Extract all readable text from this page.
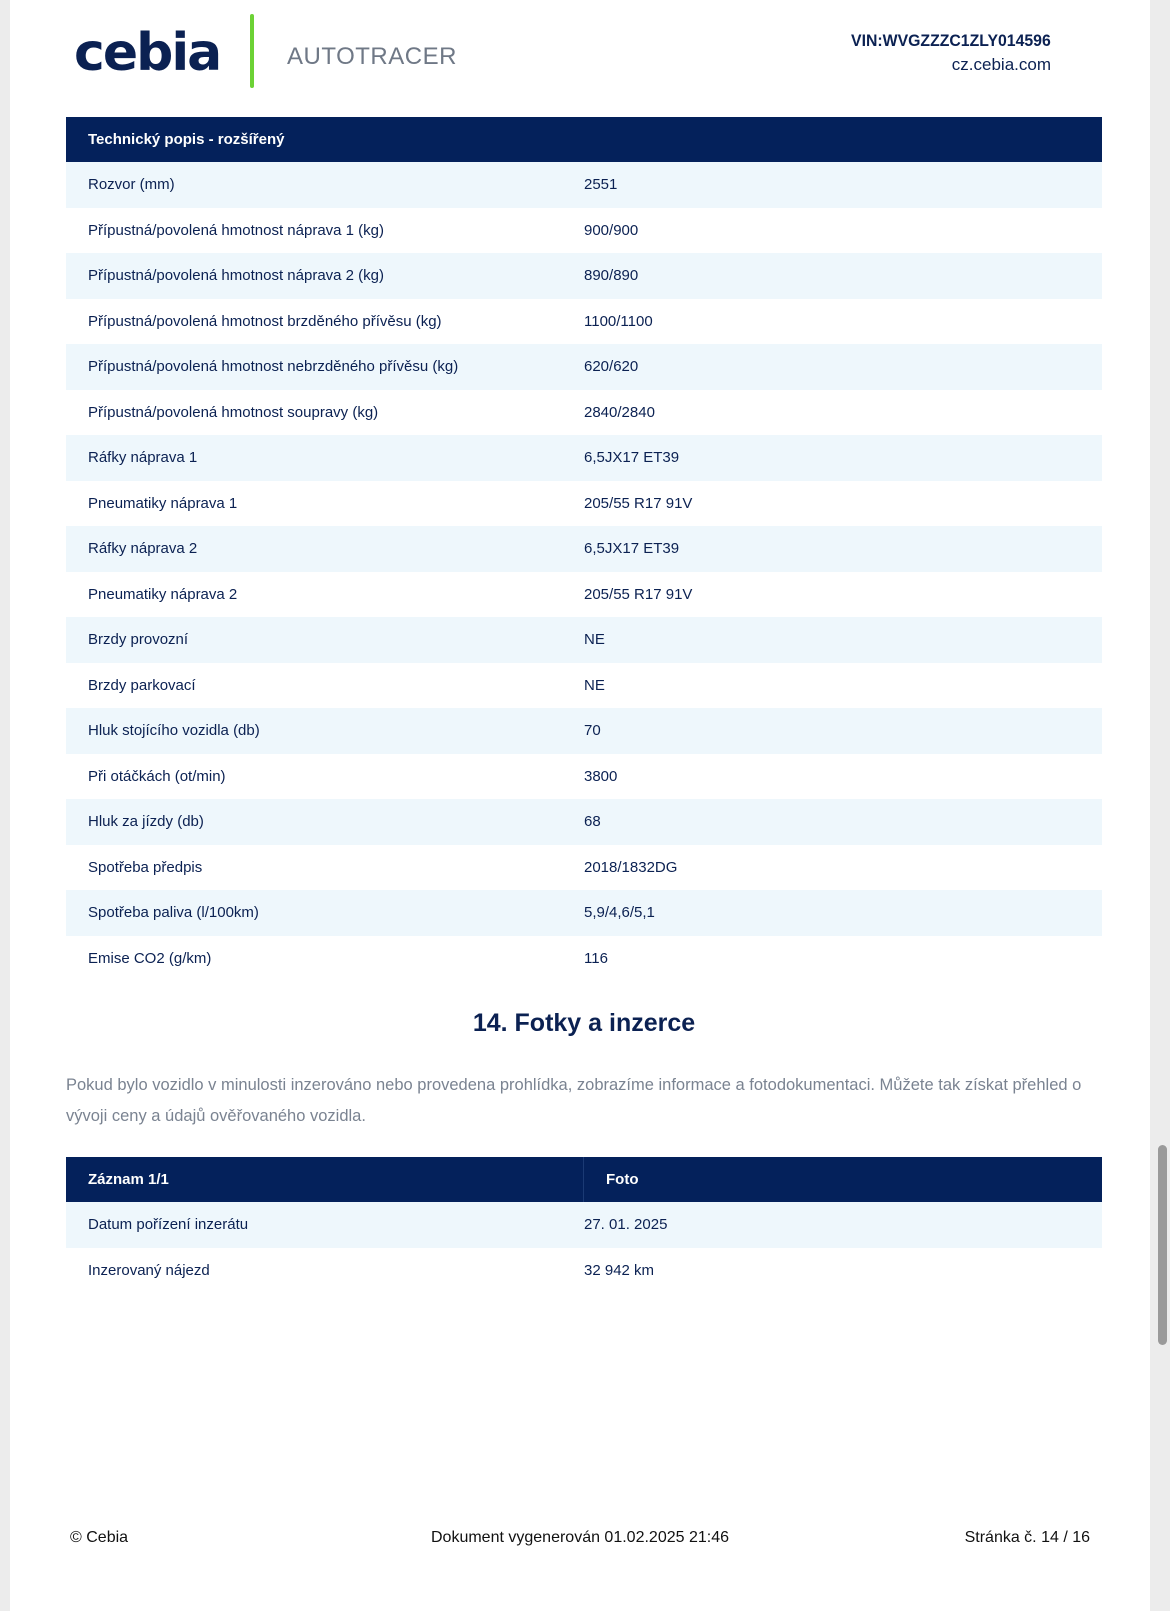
cebia	AUTOTRACER
VIN:WVGZZZC1ZLY014596
cz.cebia.com
Technický popis - rozšířený
Rozvor (mm)	2551
Přípustná/povolená hmotnost náprava 1 (kg)	900/900
Přípustná/povolená hmotnost náprava 2 (kg)	890/890
Přípustná/povolená hmotnost brzděného přívěsu (kg)	1100/1100
Přípustná/povolená hmotnost nebrzděného přívěsu (kg)	620/620
Přípustná/povolená hmotnost soupravy (kg)	2840/2840
Ráfky náprava 1	6,5JX17 ET39
Pneumatiky náprava 1	205/55 R17 91V
Ráfky náprava 2	6,5JX17 ET39
Pneumatiky náprava 2	205/55 R17 91V
Brzdy provozní	NE
Brzdy parkovací	NE
Hluk stojícího vozidla (db)	70
Při otáčkách (ot/min)	3800
Hluk za jízdy (db)	68
Spotřeba předpis	2018/1832DG
Spotřeba paliva (l/100km)	5,9/4,6/5,1
Emise CO2 (g/km)	116
14. Fotky a inzerce
Pokud bylo vozidlo v minulosti inzerováno nebo provedena prohlídka, zobrazíme informace a fotodokumentaci. Můžete tak získat přehled o vývoji ceny a údajů ověřovaného vozidla.
Záznam 1/1	Foto
Datum pořízení inzerátu	27. 01. 2025
Inzerovaný nájezd	32 942 km
© Cebia	Dokument vygenerován 01.02.2025 21:46	Stránka č. 14 / 16
